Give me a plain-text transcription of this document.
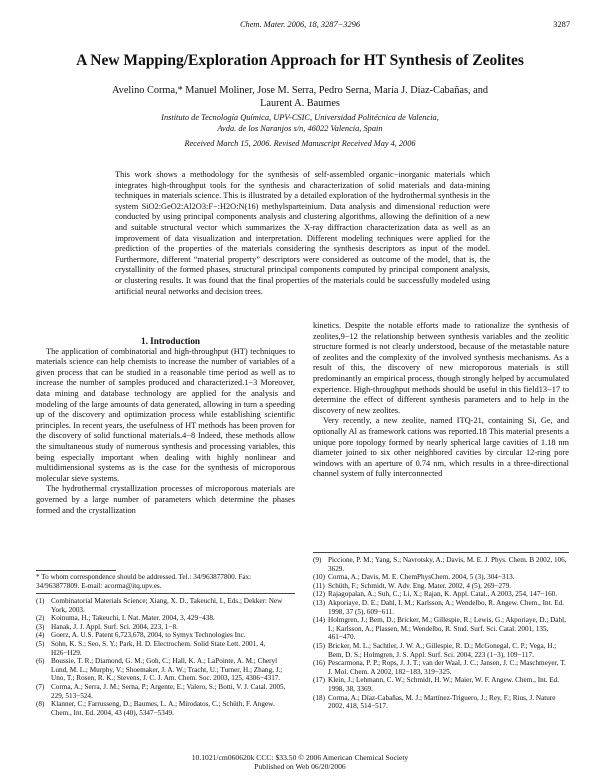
Chem. Mater. 2006, 18, 3287−3296	3287
A New Mapping/Exploration Approach for HT Synthesis of Zeolites
Avelino Corma,* Manuel Moliner, Jose M. Serra, Pedro Serna, María J. Díaz-Cabañas, and
Laurent A. Baumes
Instituto de Tecnología Química, UPV-CSIC, Universidad Politécnica de Valencia,
Avda. de los Naranjos s/n, 46022 Valencia, Spain
Received March 15, 2006. Revised Manuscript Received May 4, 2006
This work shows a methodology for the synthesis of self-assembled organic−inorganic materials which integrates high-throughput tools for the synthesis and characterization of solid materials and data-mining techniques in materials science. This is illustrated by a detailed exploration of the hydrothermal synthesis in the system SiO2:GeO2:Al2O3:F−:H2O:N(16) methylsparteinium. Data analysis and dimensional reduction were conducted by using principal components analysis and clustering algorithms, allowing the definition of a new and suitable structural vector which summarizes the X-ray diffraction characterization data as well as an improvement of data visualization and interpretation. Different modeling techniques were applied for the prediction of the properties of the materials considering the synthesis descriptors as input of the model. Furthermore, different “material property” descriptors were considered as outcome of the model, that is, the crystallinity of the formed phases, structural principal components computed by principal component analysis, or clustering results. It was found that the final properties of the materials could be successfully modeled using artificial neural networks and decision trees.

1. Introduction

The application of combinatorial and high-throughput (HT) techniques to materials science can help chemists to increase the number of variables of a given process that can be studied in a reasonable time period as well as to increase the number of samples produced and characterized.1−3 Moreover, data mining and database technology are applied for the analysis and modeling of the large amounts of data generated, allowing in turn a speeding up of the discovery and optimization process while establishing scientific principles. In recent years, the usefulness of HT methods has been proven for the discovery of solid functional materials.4−8 Indeed, these methods allow the simultaneous study of numerous synthesis and processing variables, this being especially important when dealing with highly nonlinear and multidimensional systems as is the case for the synthesis of microporous molecular sieve systems.

The hydrothermal crystallization processes of microporous materials are governed by a large number of parameters which determine the phases formed and the crystallization

kinetics. Despite the notable efforts made to rationalize the synthesis of zeolites,9−12 the relationship between synthesis variables and the zeolitic structure formed is not clearly understood, because of the metastable nature of zeolites and the complexity of the involved synthesis mechanisms. As a result of this, the discovery of new microporous materials is still predominantly an empirical process, though strongly helped by accumulated experience. High-throughput methods should be useful in this field13−17 to determine the effect of different synthesis parameters and to help in the discovery of new zeolites.

Very recently, a new zeolite, named ITQ-21, containing Si, Ge, and optionally Al as framework cations was reported.18 This material presents a unique pore topology formed by nearly spherical large cavities of 1.18 nm diameter joined to six other neighbored cavities by circular 12-ring pore windows with an aperture of 0.74 nm, which results in a three-directional channel system of fully interconnected

* To whom correspondence should be addressed. Tel.: 34/963877800. Fax: 34/963877809. E-mail: acorma@itq.upv.es.
(1) Combinatorial Materials Science; Xiang, X. D., Takeuchi, I., Eds.; Dekker: New York, 2003.
(2) Koinuma, H.; Takeuchi, I. Nat. Mater. 2004, 3, 429−438.
(3) Hanak, J. J. Appl. Surf. Sci. 2004, 223, 1−8.
(4) Goerz, A. U.S. Patent 6,723,678, 2004, to Symyx Technologies Inc.
(5) Sohn, K. S.; Seo, S. Y.; Park, H. D. Electrochem. Solid State Lett. 2001, 4, H26−H29.
(6) Boussie, T. R.; Diamond, G. M.; Goh, C.; Hall, K. A.; LaPointe, A. M.; Cheryl Lund, M. L.; Murphy, V.; Shoemaker, J. A. W.; Tracht, U.; Turner, H.; Zhang, J.; Uno, T.; Rosen, R. K.; Stevens, J. C. J. Am. Chem. Soc. 2003, 125, 4306−4317.
(7) Corma, A.; Serra, J. M.; Serna, P.; Argente, E.; Valero, S.; Botti, V. J. Catal. 2005, 229, 513−524.
(8) Klanner, C.; Farrusseng, D.; Baumes, L. A.; Mirodatos, C.; Schüth, F. Angew. Chem., Int. Ed. 2004, 43 (40), 5347−5349.
(9) Piccione, P. M.; Yang, S.; Navrotsky, A.; Davis, M. E. J. Phys. Chem. B 2002, 106, 3629.
(10) Corma, A.; Davis, M. E. ChemPhysChem. 2004, 5 (3), 304−313.
(11) Schüth, F.; Schmidt, W. Adv. Eng. Mater. 2002, 4 (5), 269−279.
(12) Rajagopalan, A.; Suh, C.; Li, X.; Rajan, K. Appl. Catal., A 2003, 254, 147−160.
(13) Akporiaye, D. E.; Dahl, I. M.; Karlsson, A.; Wendelbo, R. Angew. Chem., Int. Ed. 1998, 37 (5), 609−611.
(14) Holmgren, J.; Bem, D.; Bricker, M.; Gillespie, R.; Lewis, G.; Akporiaye, D.; Dahl, I.; Karlsson, A.; Plassen, M.; Wendelbo, R. Stud. Surf. Sci. Catal. 2001, 135, 461−470.
(15) Bricker, M. L.; Sachtler, J. W. A.; Gillespie, R. D.; McGonegal, C. P.; Vega, H.; Bem, D. S.; Holmgren, J. S. Appl. Surf. Sci. 2004, 223 (1−3), 109−117.
(16) Pescarmona, P. P.; Rops, J. J. T.; van der Waal, J. C.; Jansen, J. C.; Maschmeyer, T. J. Mol. Chem. A 2002, 182−183, 319−325.
(17) Klein, J.; Lehmann, C. W.; Schmidt, H. W.; Maier, W. F. Angew. Chem., Int. Ed. 1998, 38, 3369.
(18) Corma, A.; Díaz-Cabañas, M. J.; Martínez-Triguero, J.; Rey, F.; Rius, J. Nature 2002, 418, 514−517.
10.1021/cm060620k CCC: $33.50 © 2006 American Chemical Society
Published on Web 06/20/2006
